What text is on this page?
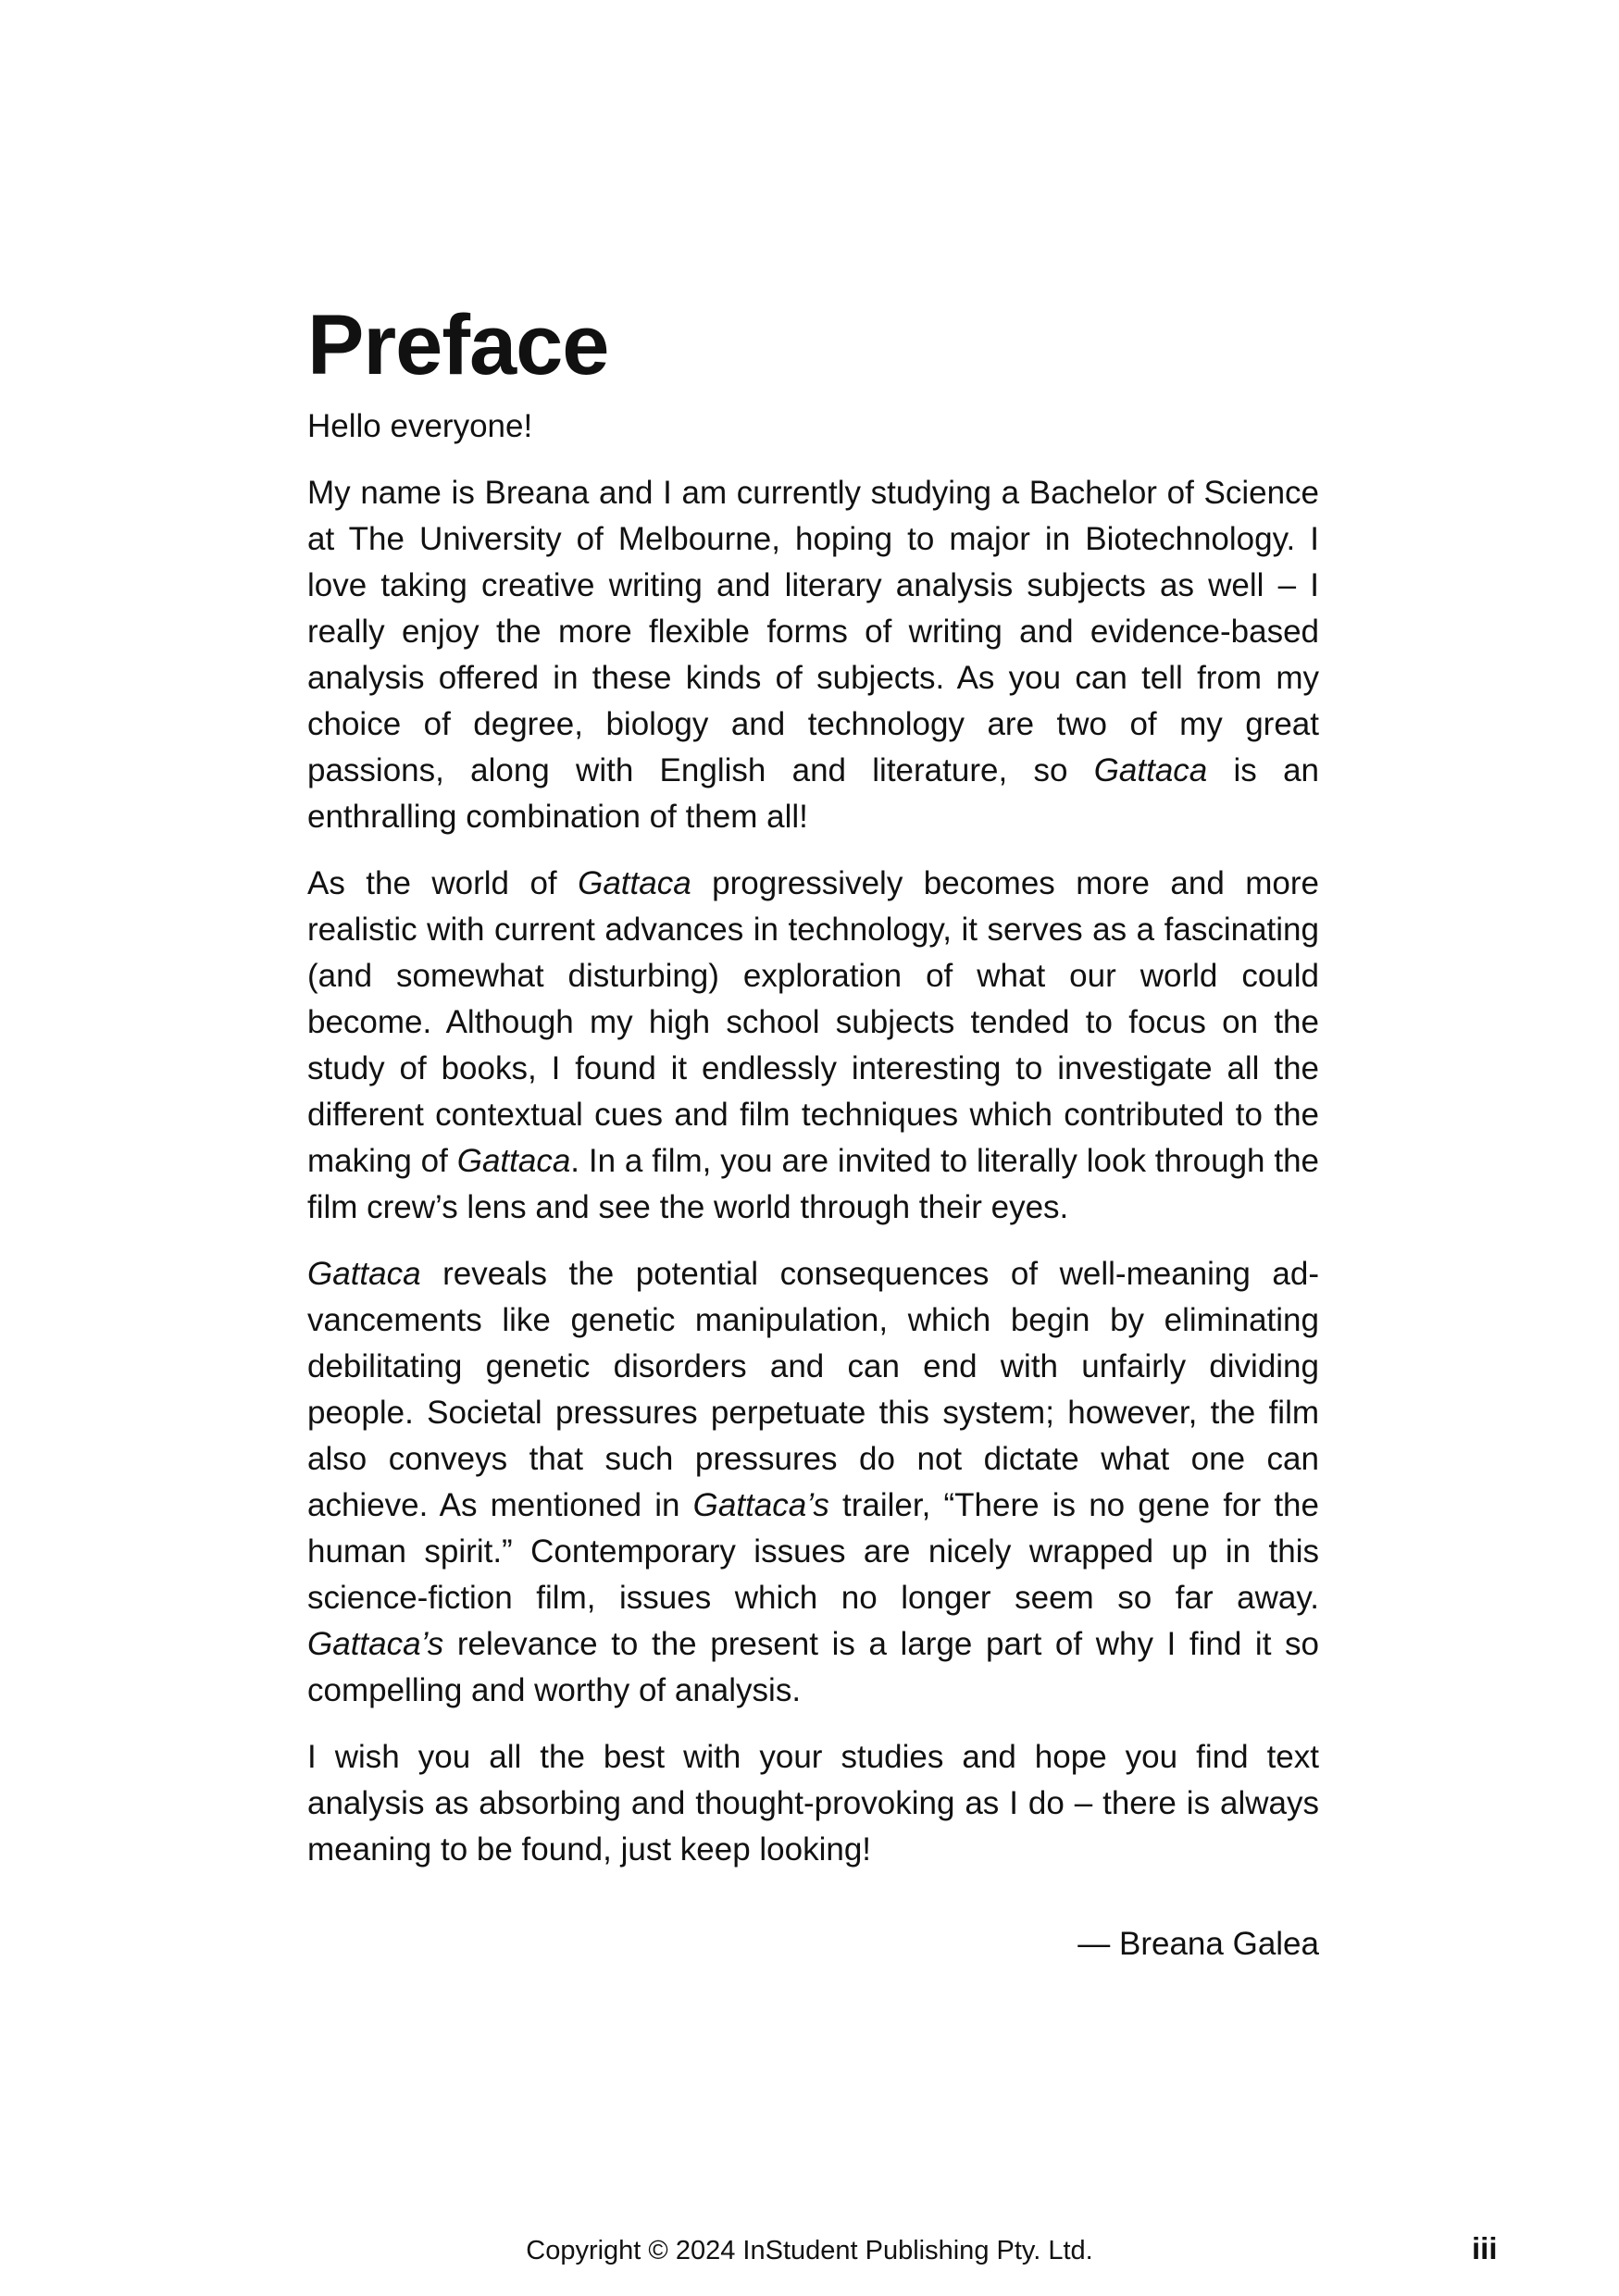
Preface

Hello everyone!

My name is Breana and I am currently studying a Bachelor of Science at The University of Melbourne, hoping to major in Biotechnology. I love taking creative writing and literary analysis subjects as well – I really enjoy the more flexible forms of writing and evidence-based analysis offered in these kinds of subjects. As you can tell from my choice of degree, biology and technology are two of my great passions, along with English and literature, so Gattaca is an enthralling combination of them all!

As the world of Gattaca progressively becomes more and more realistic with current advances in technology, it serves as a fascinating (and somewhat disturbing) exploration of what our world could become. Although my high school subjects tended to focus on the study of books, I found it endlessly interesting to investigate all the different contextual cues and film techniques which contributed to the making of Gattaca. In a film, you are invited to literally look through the film crew’s lens and see the world through their eyes.

Gattaca reveals the potential consequences of well-meaning advancements like genetic manipulation, which begin by eliminating debilitating genetic disorders and can end with unfairly dividing people. Societal pressures perpetuate this system; however, the film also conveys that such pressures do not dictate what one can achieve. As mentioned in Gattaca’s trailer, “There is no gene for the human spirit.” Contemporary issues are nicely wrapped up in this science-fiction film, issues which no longer seem so far away. Gattaca’s relevance to the present is a large part of why I find it so compelling and worthy of analysis.

I wish you all the best with your studies and hope you find text analysis as absorbing and thought-provoking as I do – there is always meaning to be found, just keep looking!

— Breana Galea

Copyright © 2024 InStudent Publishing Pty. Ltd.	iii
